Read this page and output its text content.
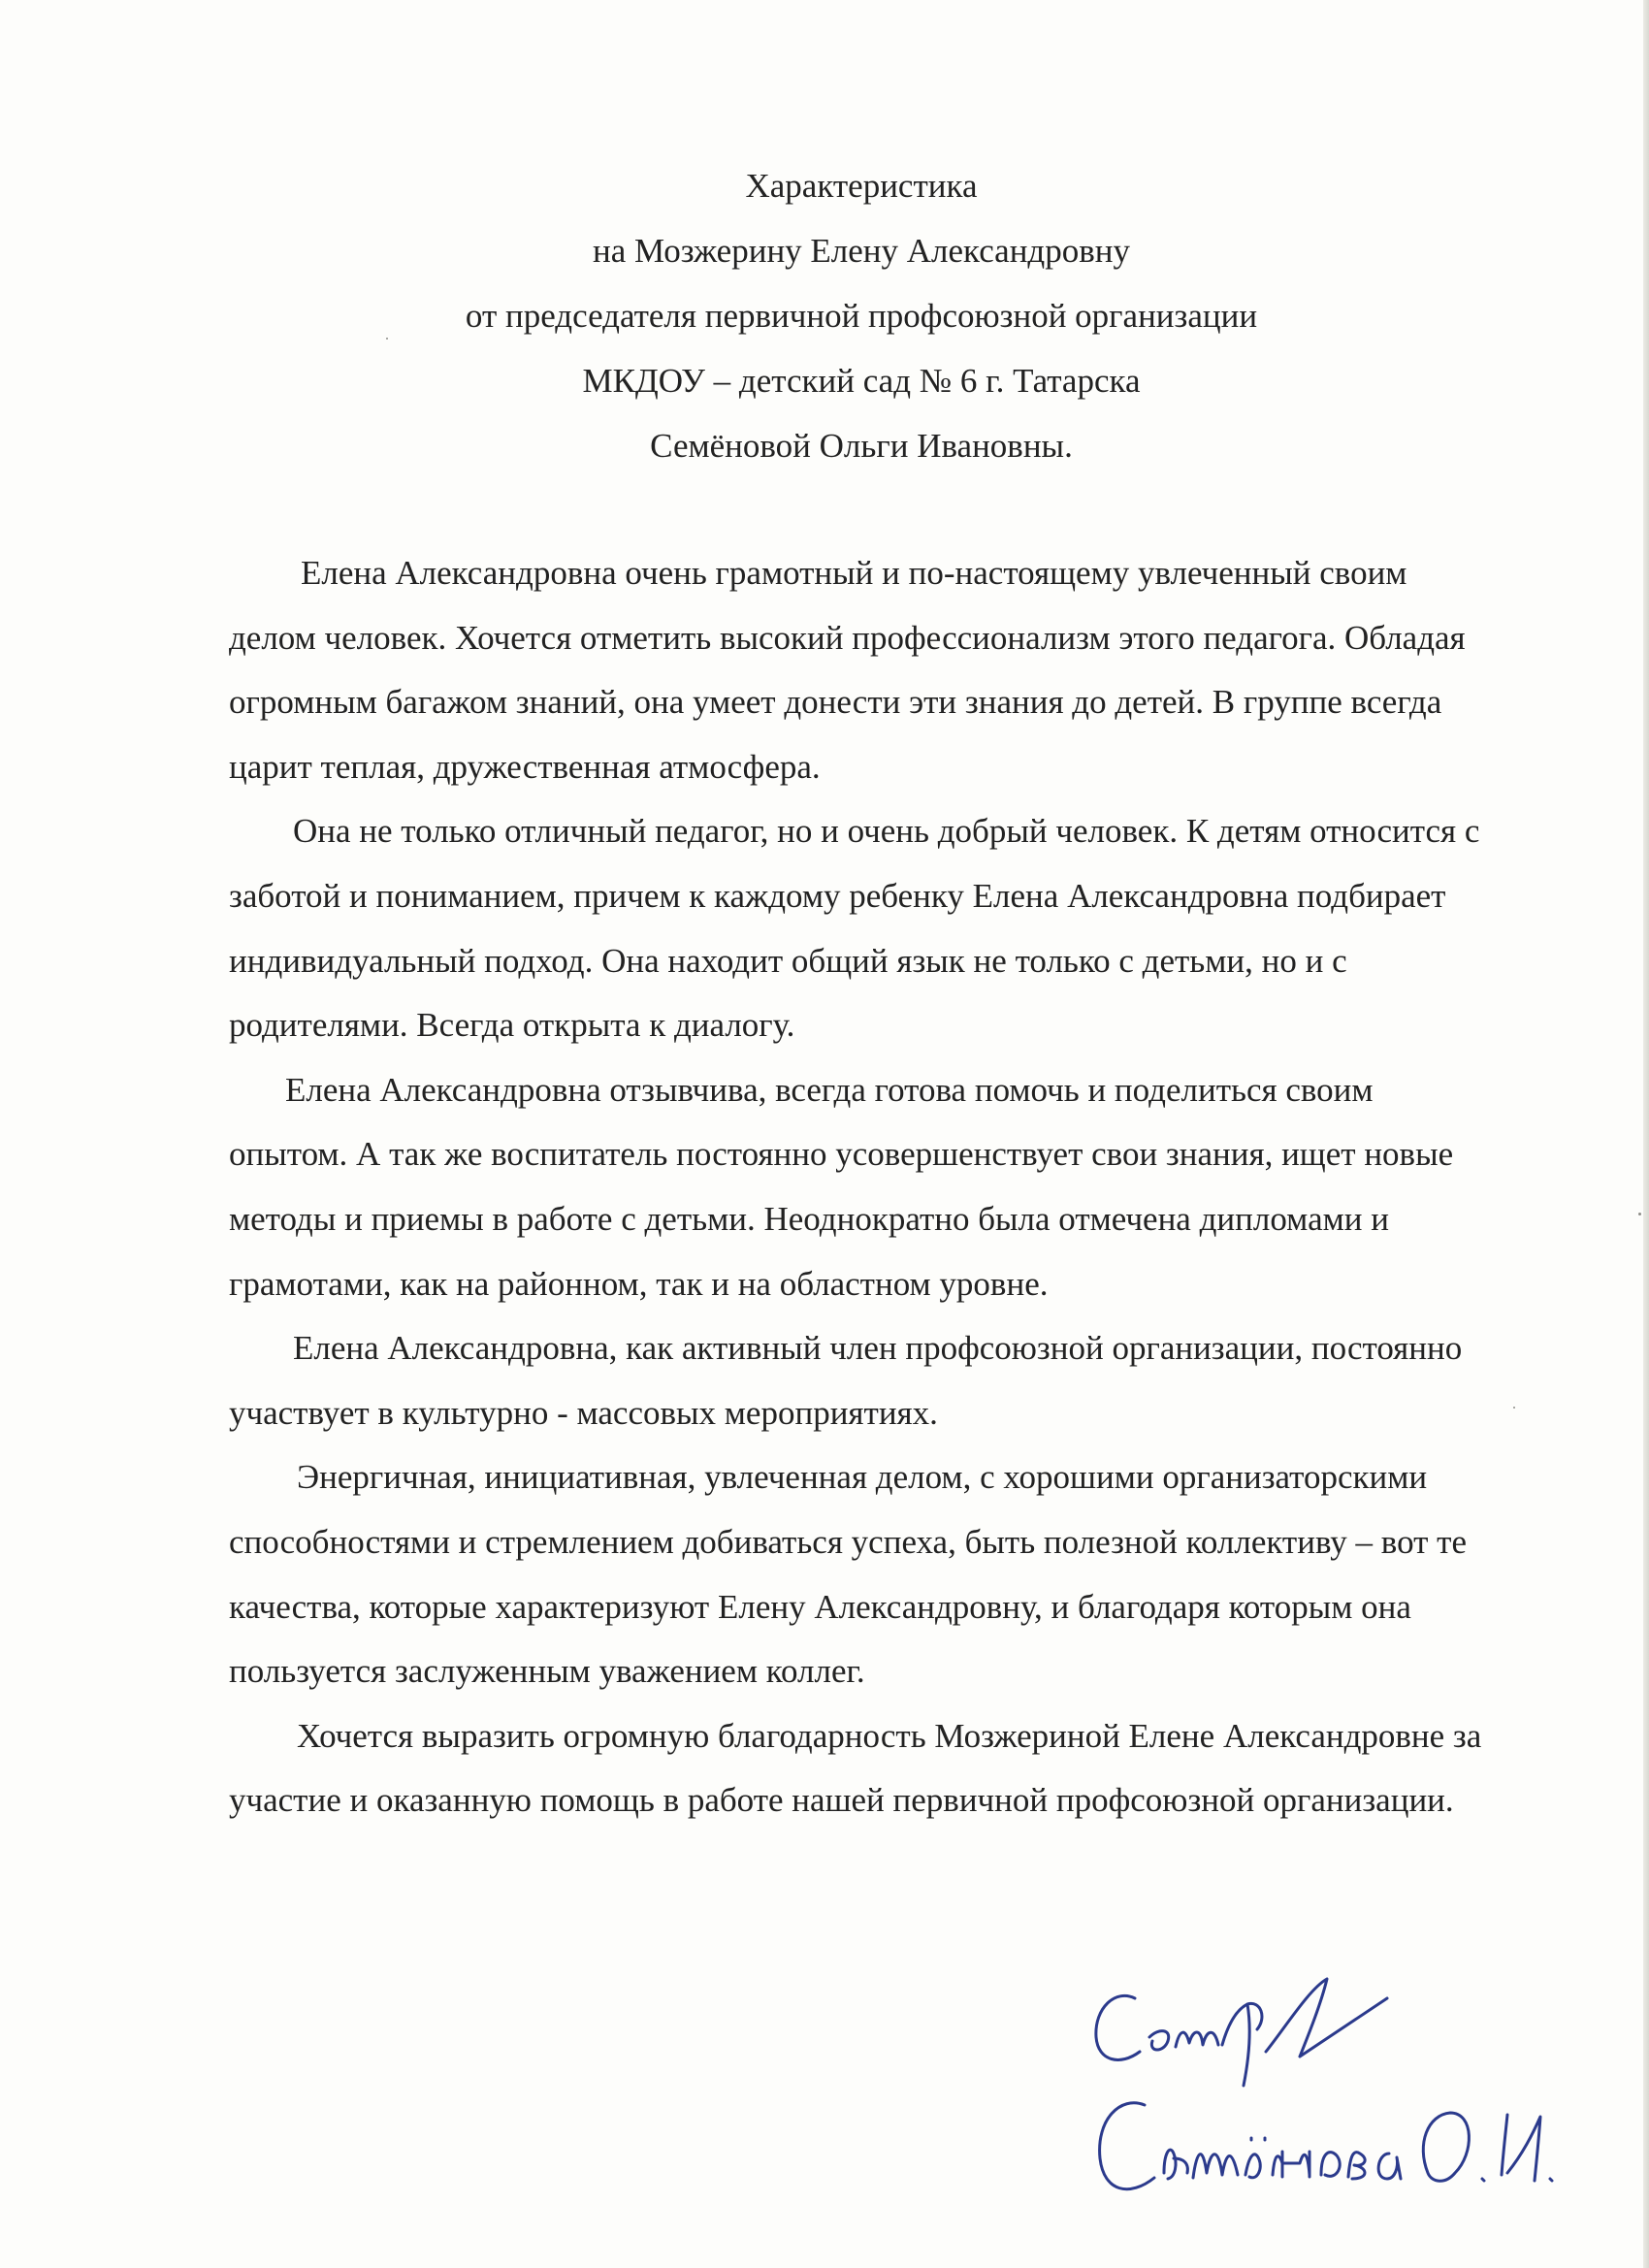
Характеристика
на Мозжерину Елену Александровну
от председателя первичной профсоюзной организации
МКДОУ – детский сад № 6 г. Татарска
Семёновой Ольги Ивановны.

Елена Александровна очень грамотный и по-настоящему увлеченный своим делом человек. Хочется отметить высокий профессионализм этого педагога. Обладая огромным багажом знаний, она умеет донести эти знания до детей. В группе всегда царит теплая, дружественная атмосфера.

Она не только отличный педагог, но и очень добрый человек. К детям относится с заботой и пониманием, причем к каждому ребенку Елена Александровна подбирает индивидуальный подход. Она находит общий язык не только с детьми, но и с родителями. Всегда открыта к диалогу.

Елена Александровна отзывчива, всегда готова помочь и поделиться своим опытом. А так же воспитатель постоянно усовершенствует свои знания, ищет новые методы и приемы в работе с детьми. Неоднократно была отмечена дипломами и грамотами, как на районном, так и на областном уровне.

Елена Александровна, как активный член профсоюзной организации, постоянно участвует в культурно - массовых мероприятиях.

Энергичная, инициативная, увлеченная делом, с хорошими организаторскими способностями и стремлением добиваться успеха, быть полезной коллективу – вот те качества, которые характеризуют Елену Александровну, и благодаря которым она пользуется заслуженным уважением коллег.

Хочется выразить огромную благодарность Мозжериной Елене Александровне за участие и оказанную помощь в работе нашей первичной профсоюзной организации.
